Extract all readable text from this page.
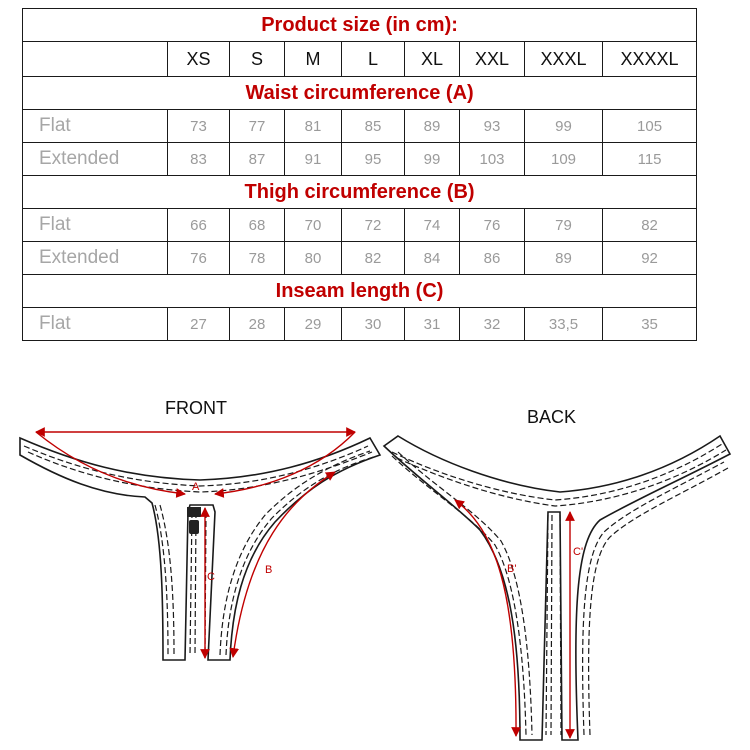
Product size (in cm):								
	XS	S	M	L	XL	XXL	XXXL	XXXXL
Waist circumference (A)								
Flat	73	77	81	85	89	93	99	105
Extended	83	87	91	95	99	103	109	115
Thigh circumference (B)								
Flat	66	68	70	72	74	76	79	82
Extended	76	78	80	82	84	86	89	92
Inseam length (C)								
Flat	27	28	29	30	31	32	33,5	35
FRONT
A
C
B
BACK
C'
B'
